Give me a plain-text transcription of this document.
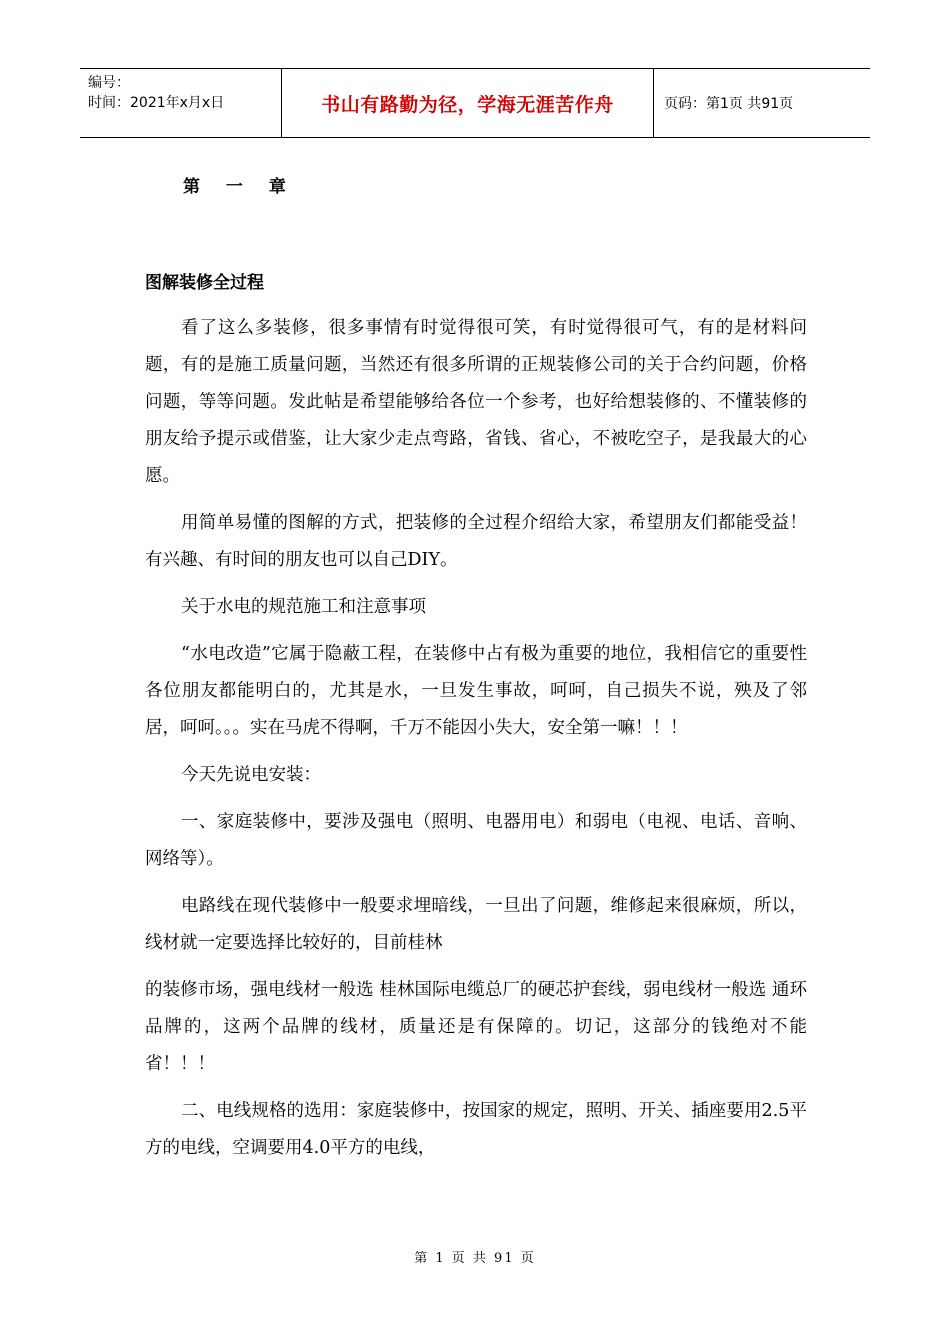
编号：
时间：2021年x月x日	书山有路勤为径，学海无涯苦作舟	页码：第1页 共91页
第 一 章
图解装修全过程

看了这么多装修，很多事情有时觉得很可笑，有时觉得很可气，有的是材料问题，有的是施工质量问题，当然还有很多所谓的正规装修公司的关于合约问题，价格问题，等等问题。发此帖是希望能够给各位一个参考，也好给想装修的、不懂装修的朋友给予提示或借鉴，让大家少走点弯路，省钱、省心，不被吃空子，是我最大的心愿。

用简单易懂的图解的方式，把装修的全过程介绍给大家，希望朋友们都能受益！有兴趣、有时间的朋友也可以自己DIY。

关于水电的规范施工和注意事项

“水电改造”它属于隐蔽工程，在装修中占有极为重要的地位，我相信它的重要性各位朋友都能明白的，尤其是水，一旦发生事故，呵呵，自己损失不说，殃及了邻居，呵呵。。。实在马虎不得啊，千万不能因小失大，安全第一嘛！！！

今天先说电安装：

一、家庭装修中，要涉及强电（照明、电器用电）和弱电（电视、电话、音响、网络等）。

电路线在现代装修中一般要求埋暗线，一旦出了问题，维修起来很麻烦，所以，线材就一定要选择比较好的，目前桂林

的装修市场，强电线材一般选 桂林国际电缆总厂的硬芯护套线，弱电线材一般选 通环品牌的，这两个品牌的线材，质量还是有保障的。切记，这部分的钱绝对不能省！！！

二、电线规格的选用：家庭装修中，按国家的规定，照明、开关、插座要用2.5平方的电线，空调要用4.0平方的电线，

第 1 页 共 91 页
